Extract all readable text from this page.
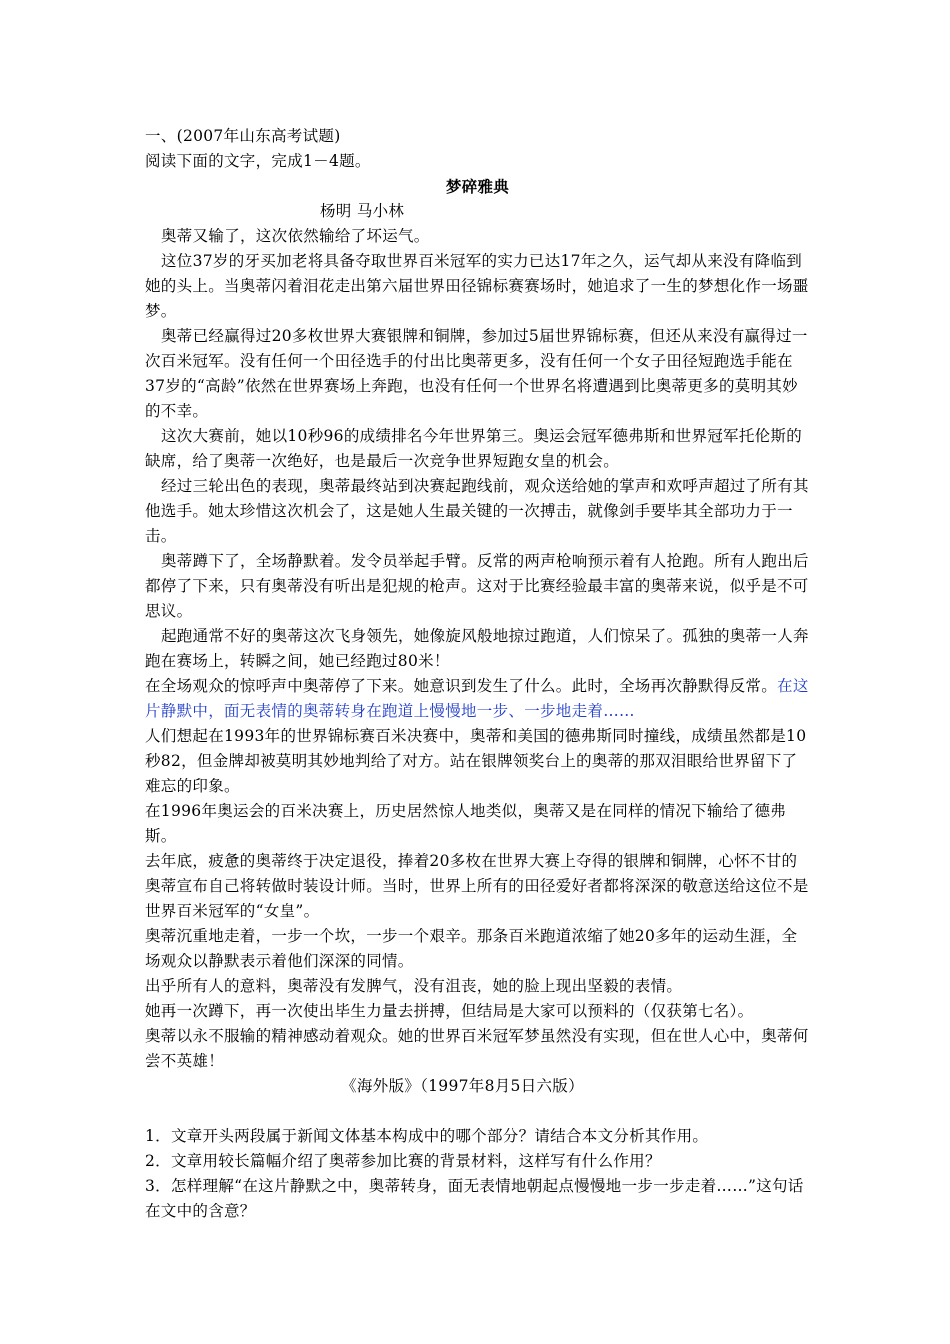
一、(2007年山东高考试题)

阅读下面的文字，完成1－4题。

梦碎雅典

杨明 马小林

奥蒂又输了，这次依然输给了坏运气。

这位37岁的牙买加老将具备夺取世界百米冠军的实力已达17年之久，运气却从来没有降临到她的头上。当奥蒂闪着泪花走出第六届世界田径锦标赛赛场时，她追求了一生的梦想化作一场噩梦。

奥蒂已经赢得过20多枚世界大赛银牌和铜牌，参加过5届世界锦标赛，但还从来没有赢得过一次百米冠军。没有任何一个田径选手的付出比奥蒂更多，没有任何一个女子田径短跑选手能在37岁的“高龄”依然在世界赛场上奔跑，也没有任何一个世界名将遭遇到比奥蒂更多的莫明其妙的不幸。

这次大赛前，她以10秒96的成绩排名今年世界第三。奥运会冠军德弗斯和世界冠军托伦斯的缺席，给了奥蒂一次绝好，也是最后一次竞争世界短跑女皇的机会。

经过三轮出色的表现，奥蒂最终站到决赛起跑线前，观众送给她的掌声和欢呼声超过了所有其他选手。她太珍惜这次机会了，这是她人生最关键的一次搏击，就像剑手要毕其全部功力于一击。

奥蒂蹲下了，全场静默着。发令员举起手臂。反常的两声枪响预示着有人抢跑。所有人跑出后都停了下来，只有奥蒂没有听出是犯规的枪声。这对于比赛经验最丰富的奥蒂来说，似乎是不可思议。

起跑通常不好的奥蒂这次飞身领先，她像旋风般地掠过跑道，人们惊呆了。孤独的奥蒂一人奔跑在赛场上，转瞬之间，她已经跑过80米！

在全场观众的惊呼声中奥蒂停了下来。她意识到发生了什么。此时，全场再次静默得反常。在这片静默中，面无表情的奥蒂转身在跑道上慢慢地一步、一步地走着……

人们想起在1993年的世界锦标赛百米决赛中，奥蒂和美国的德弗斯同时撞线，成绩虽然都是10秒82，但金牌却被莫明其妙地判给了对方。站在银牌领奖台上的奥蒂的那双泪眼给世界留下了难忘的印象。

在1996年奥运会的百米决赛上，历史居然惊人地类似，奥蒂又是在同样的情况下输给了德弗斯。

去年底，疲惫的奥蒂终于决定退役，捧着20多枚在世界大赛上夺得的银牌和铜牌，心怀不甘的奥蒂宣布自己将转做时装设计师。当时，世界上所有的田径爱好者都将深深的敬意送给这位不是世界百米冠军的“女皇”。

奥蒂沉重地走着，一步一个坎，一步一个艰辛。那条百米跑道浓缩了她20多年的运动生涯，全场观众以静默表示着他们深深的同情。

出乎所有人的意料，奥蒂没有发脾气，没有沮丧，她的脸上现出坚毅的表情。

她再一次蹲下，再一次使出毕生力量去拼搏，但结局是大家可以预料的（仅获第七名）。

奥蒂以永不服输的精神感动着观众。她的世界百米冠军梦虽然没有实现，但在世人心中，奥蒂何尝不英雄！

《海外版》（1997年8月5日六版）

1．文章开头两段属于新闻文体基本构成中的哪个部分？请结合本文分析其作用。

2．文章用较长篇幅介绍了奥蒂参加比赛的背景材料，这样写有什么作用？

3．怎样理解“在这片静默之中，奥蒂转身，面无表情地朝起点慢慢地一步一步走着……”这句话在文中的含意？
